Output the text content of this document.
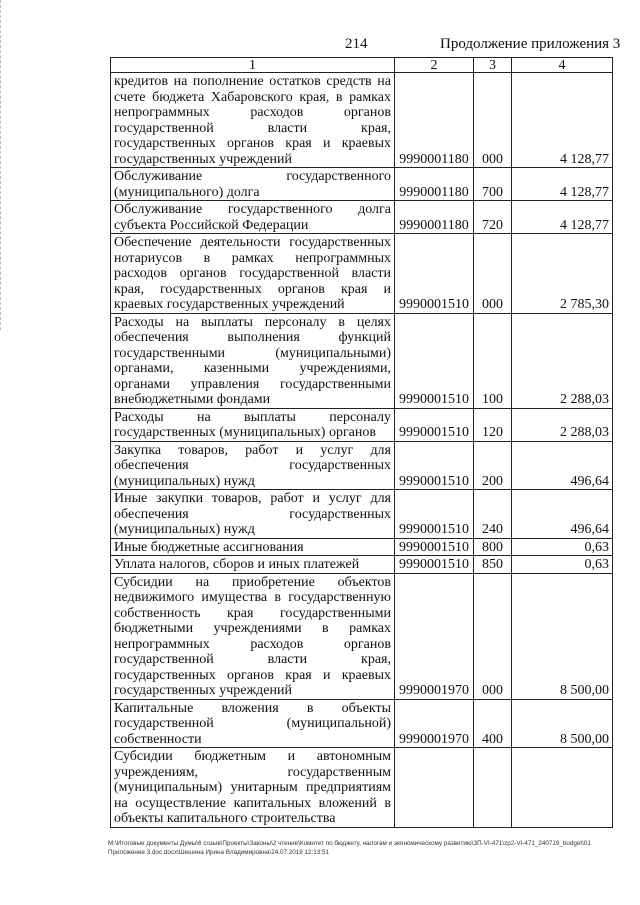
214	Продолжение приложения 3
1	2	3	4
кредитов на пополнение остатков средств на счете бюджета Хабаровского края, в рамках непрограммных расходов органов государственной власти края, государственных органов края и краевых государственных учреждений	9990001180	000	4 128,77
Обслуживание государственного (муниципального) долга	9990001180	700	4 128,77
Обслуживание государственного долга субъекта Российской Федерации	9990001180	720	4 128,77
Обеспечение деятельности государственных нотариусов в рамках непрограммных расходов органов государственной власти края, государственных органов края и краевых государственных учреждений	9990001510	000	2 785,30
Расходы на выплаты персоналу в целях обеспечения выполнения функций государственными (муниципальными) органами, казенными учреждениями, органами управления государственными внебюджетными фондами	9990001510	100	2 288,03
Расходы на выплаты персоналу государственных (муниципальных) органов	9990001510	120	2 288,03
Закупка товаров, работ и услуг для обеспечения государственных (муниципальных) нужд	9990001510	200	496,64
Иные закупки товаров, работ и услуг для обеспечения государственных (муниципальных) нужд	9990001510	240	496,64
Иные бюджетные ассигнования	9990001510	800	0,63
Уплата налогов, сборов и иных платежей	9990001510	850	0,63
Субсидии на приобретение объектов недвижимого имущества в государственную собственность края государственными бюджетными учреждениями в рамках непрограммных расходов органов государственной власти края, государственных органов края и краевых государственных учреждений	9990001970	000	8 500,00
Капитальные вложения в объекты государственной (муниципальной) собственности	9990001970	400	8 500,00
Субсидии бюджетным и автономным учреждениям, государственным (муниципальным) унитарным предприятиям на осуществление капитальных вложений в объекты капитального строительства			
М:\Итоговые документы Думы\6 созыв\Проекты\Законы\2 чтение\Комитет по бюджету, налогам и экономическому развитию\ЗП-VI-471\zp2-VI-471_240719_budget\01 Приложение 3.doc.docx\Шешина Ирина Владимировна\24.07.2019 12:13:51
